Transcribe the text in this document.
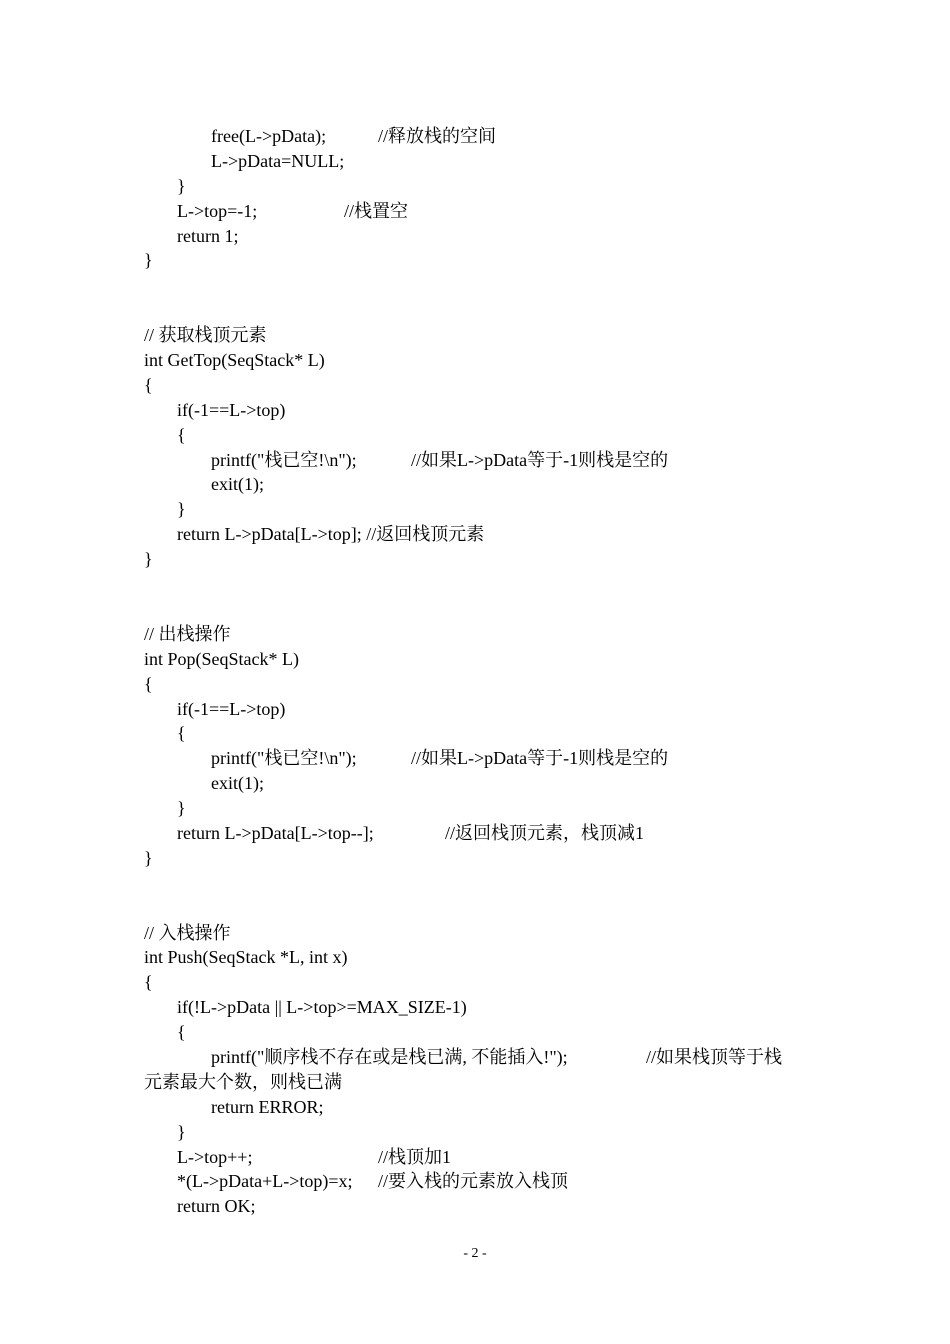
free(L->pData);	//释放栈的空间
L->pData=NULL;
}
L->top=-1;	//栈置空
return 1;
}
// 获取栈顶元素
int GetTop(SeqStack* L)
{
if(-1==L->top)
{
printf("栈已空!\n");	//如果L->pData等于-1则栈是空的
exit(1);
}
return L->pData[L->top]; //返回栈顶元素
}
// 出栈操作
int Pop(SeqStack* L)
{
if(-1==L->top)
{
printf("栈已空!\n");	//如果L->pData等于-1则栈是空的
exit(1);
}
return L->pData[L->top--];	//返回栈顶元素，栈顶减1
}
// 入栈操作
int Push(SeqStack *L, int x)
{
if(!L->pData || L->top>=MAX_SIZE-1)
{
printf("顺序栈不存在或是栈已满, 不能插入!");	//如果栈顶等于栈
元素最大个数，则栈已满
return ERROR;
}
L->top++;	//栈顶加1
*(L->pData+L->top)=x; //要入栈的元素放入栈顶
return OK;
- 2 -
